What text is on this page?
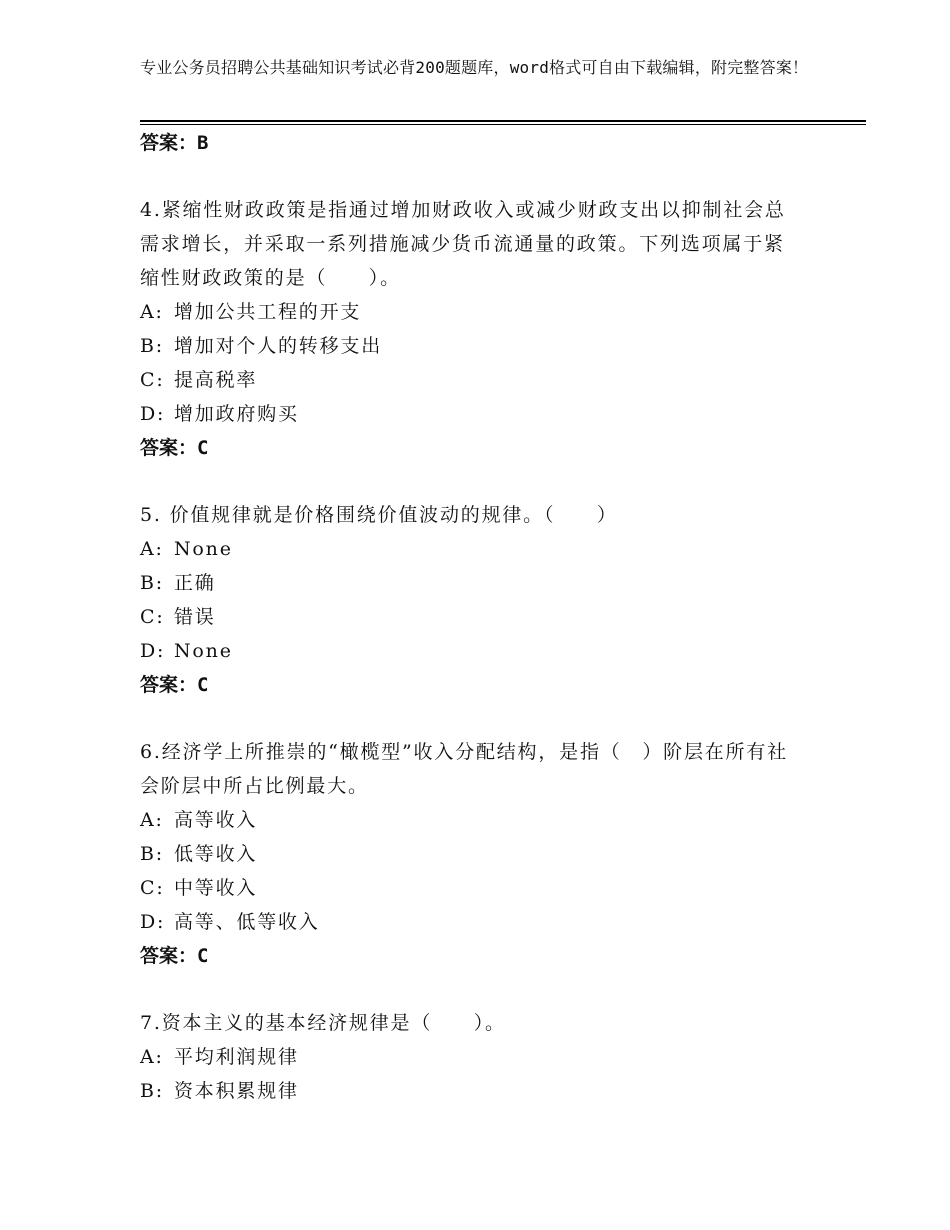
专业公务员招聘公共基础知识考试必背200题题库，word格式可自由下载编辑，附完整答案！
答案：B
4.紧缩性财政政策是指通过增加财政收入或减少财政支出以抑制社会总需求增长，并采取一系列措施减少货币流通量的政策。下列选项属于紧缩性财政政策的是（　　）。
A: 增加公共工程的开支
B: 增加对个人的转移支出
C: 提高税率
D: 增加政府购买
答案：C
5. 价值规律就是价格围绕价值波动的规律。（　　）
A: None
B: 正确
C: 错误
D: None
答案：C
6.经济学上所推崇的“橄榄型”收入分配结构，是指（　）阶层在所有社会阶层中所占比例最大。
A: 高等收入
B: 低等收入
C: 中等收入
D: 高等、低等收入
答案：C
7.资本主义的基本经济规律是（　　）。
A: 平均利润规律
B: 资本积累规律
